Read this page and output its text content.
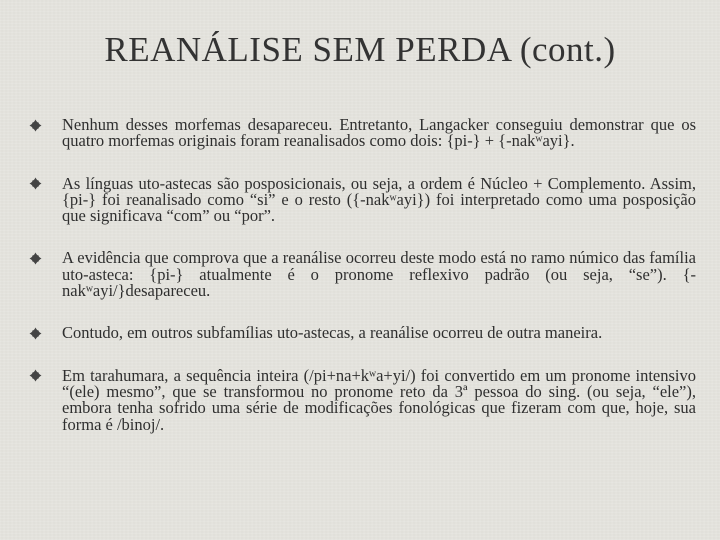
REANÁLISE SEM PERDA (cont.)
Nenhum desses morfemas desapareceu. Entretanto, Langacker conseguiu demonstrar que os quatro morfemas originais foram reanalisados como dois: {pi-} + {-nakʷayi}.
As línguas uto-astecas são posposicionais, ou seja, a ordem é Núcleo + Complemento. Assim, {pi-} foi reanalisado como “si” e o resto ({-nakʷayi}) foi interpretado como uma posposição que significava “com” ou “por”.
A evidência que comprova que a reanálise ocorreu deste modo está no ramo númico das família uto-asteca: {pi-} atualmente é o pronome reflexivo padrão (ou seja, “se”). {-nakʷayi/}desapareceu.
Contudo, em outros subfamílias uto-astecas, a reanálise ocorreu de outra maneira.
Em tarahumara, a sequência inteira (/pi+na+kʷa+yi/) foi convertido em um pronome intensivo “(ele) mesmo”, que se transformou no pronome reto da 3ª pessoa do sing. (ou seja, “ele”), embora tenha sofrido uma série de modificações fonológicas que fizeram com que, hoje, sua forma é /binoj/.
